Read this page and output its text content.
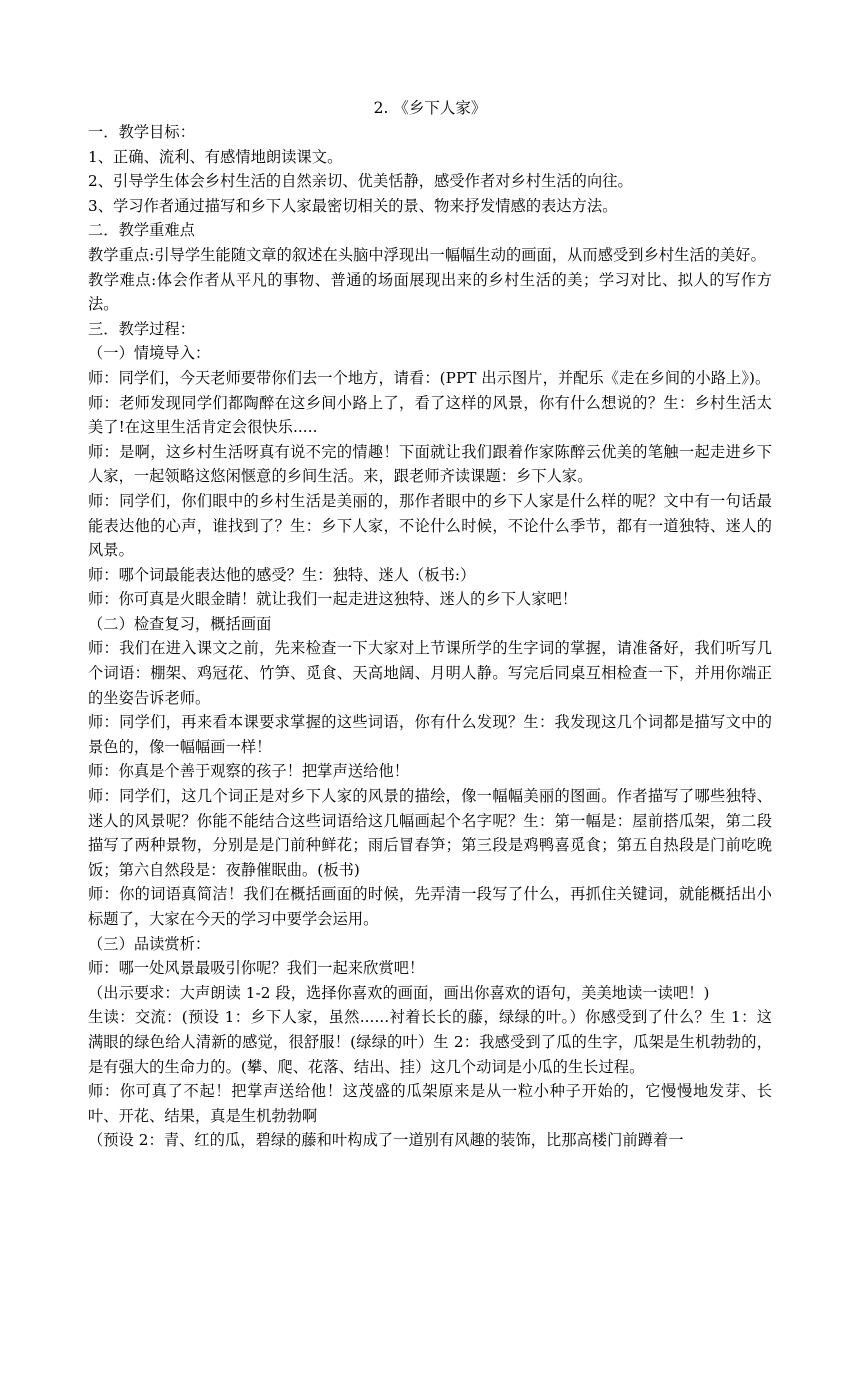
2. 《乡下人家》

一．教学目标：

1、正确、流利、有感情地朗读课文。

2、引导学生体会乡村生活的自然亲切、优美恬静，感受作者对乡村生活的向往。

3、学习作者通过描写和乡下人家最密切相关的景、物来抒发情感的表达方法。

二．教学重难点

教学重点:引导学生能随文章的叙述在头脑中浮现出一幅幅生动的画面，从而感受到乡村生活的美好。

教学难点:体会作者从平凡的事物、普通的场面展现出来的乡村生活的美；学习对比、拟人的写作方法。

三．教学过程：

（一）情境导入：

师：同学们，今天老师要带你们去一个地方，请看：(PPT 出示图片，并配乐《走在乡间的小路上》)。

师：老师发现同学们都陶醉在这乡间小路上了，看了这样的风景，你有什么想说的？生：乡村生活太美了!在这里生活肯定会很快乐.....

师：是啊，这乡村生活呀真有说不完的情趣！下面就让我们跟着作家陈醉云优美的笔触一起走进乡下人家，一起领略这悠闲惬意的乡间生活。来，跟老师齐读课题：乡下人家。

师：同学们，你们眼中的乡村生活是美丽的，那作者眼中的乡下人家是什么样的呢？文中有一句话最能表达他的心声，谁找到了？生：乡下人家，不论什么时候，不论什么季节，都有一道独特、迷人的风景。

师：哪个词最能表达他的感受？生：独特、迷人（板书:）

师：你可真是火眼金睛！就让我们一起走进这独特、迷人的乡下人家吧！

（二）检查复习，概括画面

师：我们在进入课文之前，先来检查一下大家对上节课所学的生字词的掌握，请准备好，我们听写几个词语：棚架、鸡冠花、竹笋、觅食、天高地阔、月明人静。写完后同桌互相检查一下，并用你端正的坐姿告诉老师。

师：同学们，再来看本课要求掌握的这些词语，你有什么发现？生：我发现这几个词都是描写文中的景色的，像一幅幅画一样！

师：你真是个善于观察的孩子！把掌声送给他！

师：同学们，这几个词正是对乡下人家的风景的描绘，像一幅幅美丽的图画。作者描写了哪些独特、迷人的风景呢？你能不能结合这些词语给这几幅画起个名字呢？生：第一幅是：屋前搭瓜架，第二段描写了两种景物，分别是是门前种鲜花；雨后冒春笋；第三段是鸡鸭喜觅食；第五自热段是门前吃晚饭；第六自然段是：夜静催眠曲。(板书)

师：你的词语真简洁！我们在概括画面的时候，先弄清一段写了什么，再抓住关键词，就能概括出小标题了，大家在今天的学习中要学会运用。

（三）品读赏析：

师：哪一处风景最吸引你呢？我们一起来欣赏吧！

（出示要求：大声朗读 1-2 段，选择你喜欢的画面，画出你喜欢的语句，美美地读一读吧！)

生读：交流：(预设 1：乡下人家，虽然......衬着长长的藤，绿绿的叶。）你感受到了什么？生 1：这满眼的绿色给人清新的感觉，很舒服！(绿绿的叶）生 2：我感受到了瓜的生字，瓜架是生机勃勃的，是有强大的生命力的。(攀、爬、花落、结出、挂）这几个动词是小瓜的生长过程。

师：你可真了不起！把掌声送给他！这茂盛的瓜架原来是从一粒小种子开始的，它慢慢地发芽、长叶、开花、结果，真是生机勃勃啊

（预设 2：青、红的瓜，碧绿的藤和叶构成了一道别有风趣的装饰，比那高楼门前蹲着一
